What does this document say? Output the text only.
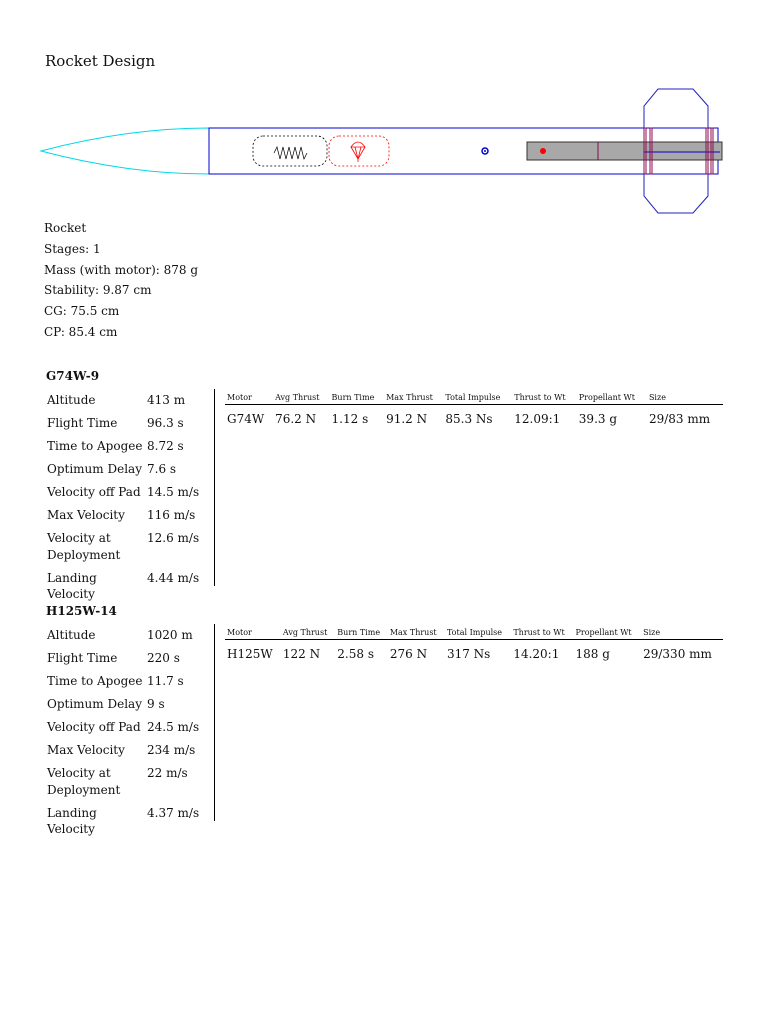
Rocket Design
Rocket
Stages: 1
Mass (with motor): 878 g
Stability: 9.87 cm
CG: 75.5 cm
CP: 85.4 cm
G74W-9
Altitude	413 m
Flight Time	96.3 s
Time to Apogee	8.72 s
Optimum Delay	7.6 s
Velocity off Pad	14.5 m/s
Max Velocity	116 m/s
Velocity at Deployment	12.6 m/s
Landing Velocity	4.44 m/s
Motor	Avg Thrust	Burn Time	Max Thrust	Total Impulse	Thrust to Wt	Propellant Wt	Size
G74W	76.2 N	1.12 s	91.2 N	85.3 Ns	12.09:1	39.3 g	29/83 mm
H125W-14
Altitude	1020 m
Flight Time	220 s
Time to Apogee	11.7 s
Optimum Delay	9 s
Velocity off Pad	24.5 m/s
Max Velocity	234 m/s
Velocity at Deployment	22 m/s
Landing Velocity	4.37 m/s
Motor	Avg Thrust	Burn Time	Max Thrust	Total Impulse	Thrust to Wt	Propellant Wt	Size
H125W	122 N	2.58 s	276 N	317 Ns	14.20:1	188 g	29/330 mm
